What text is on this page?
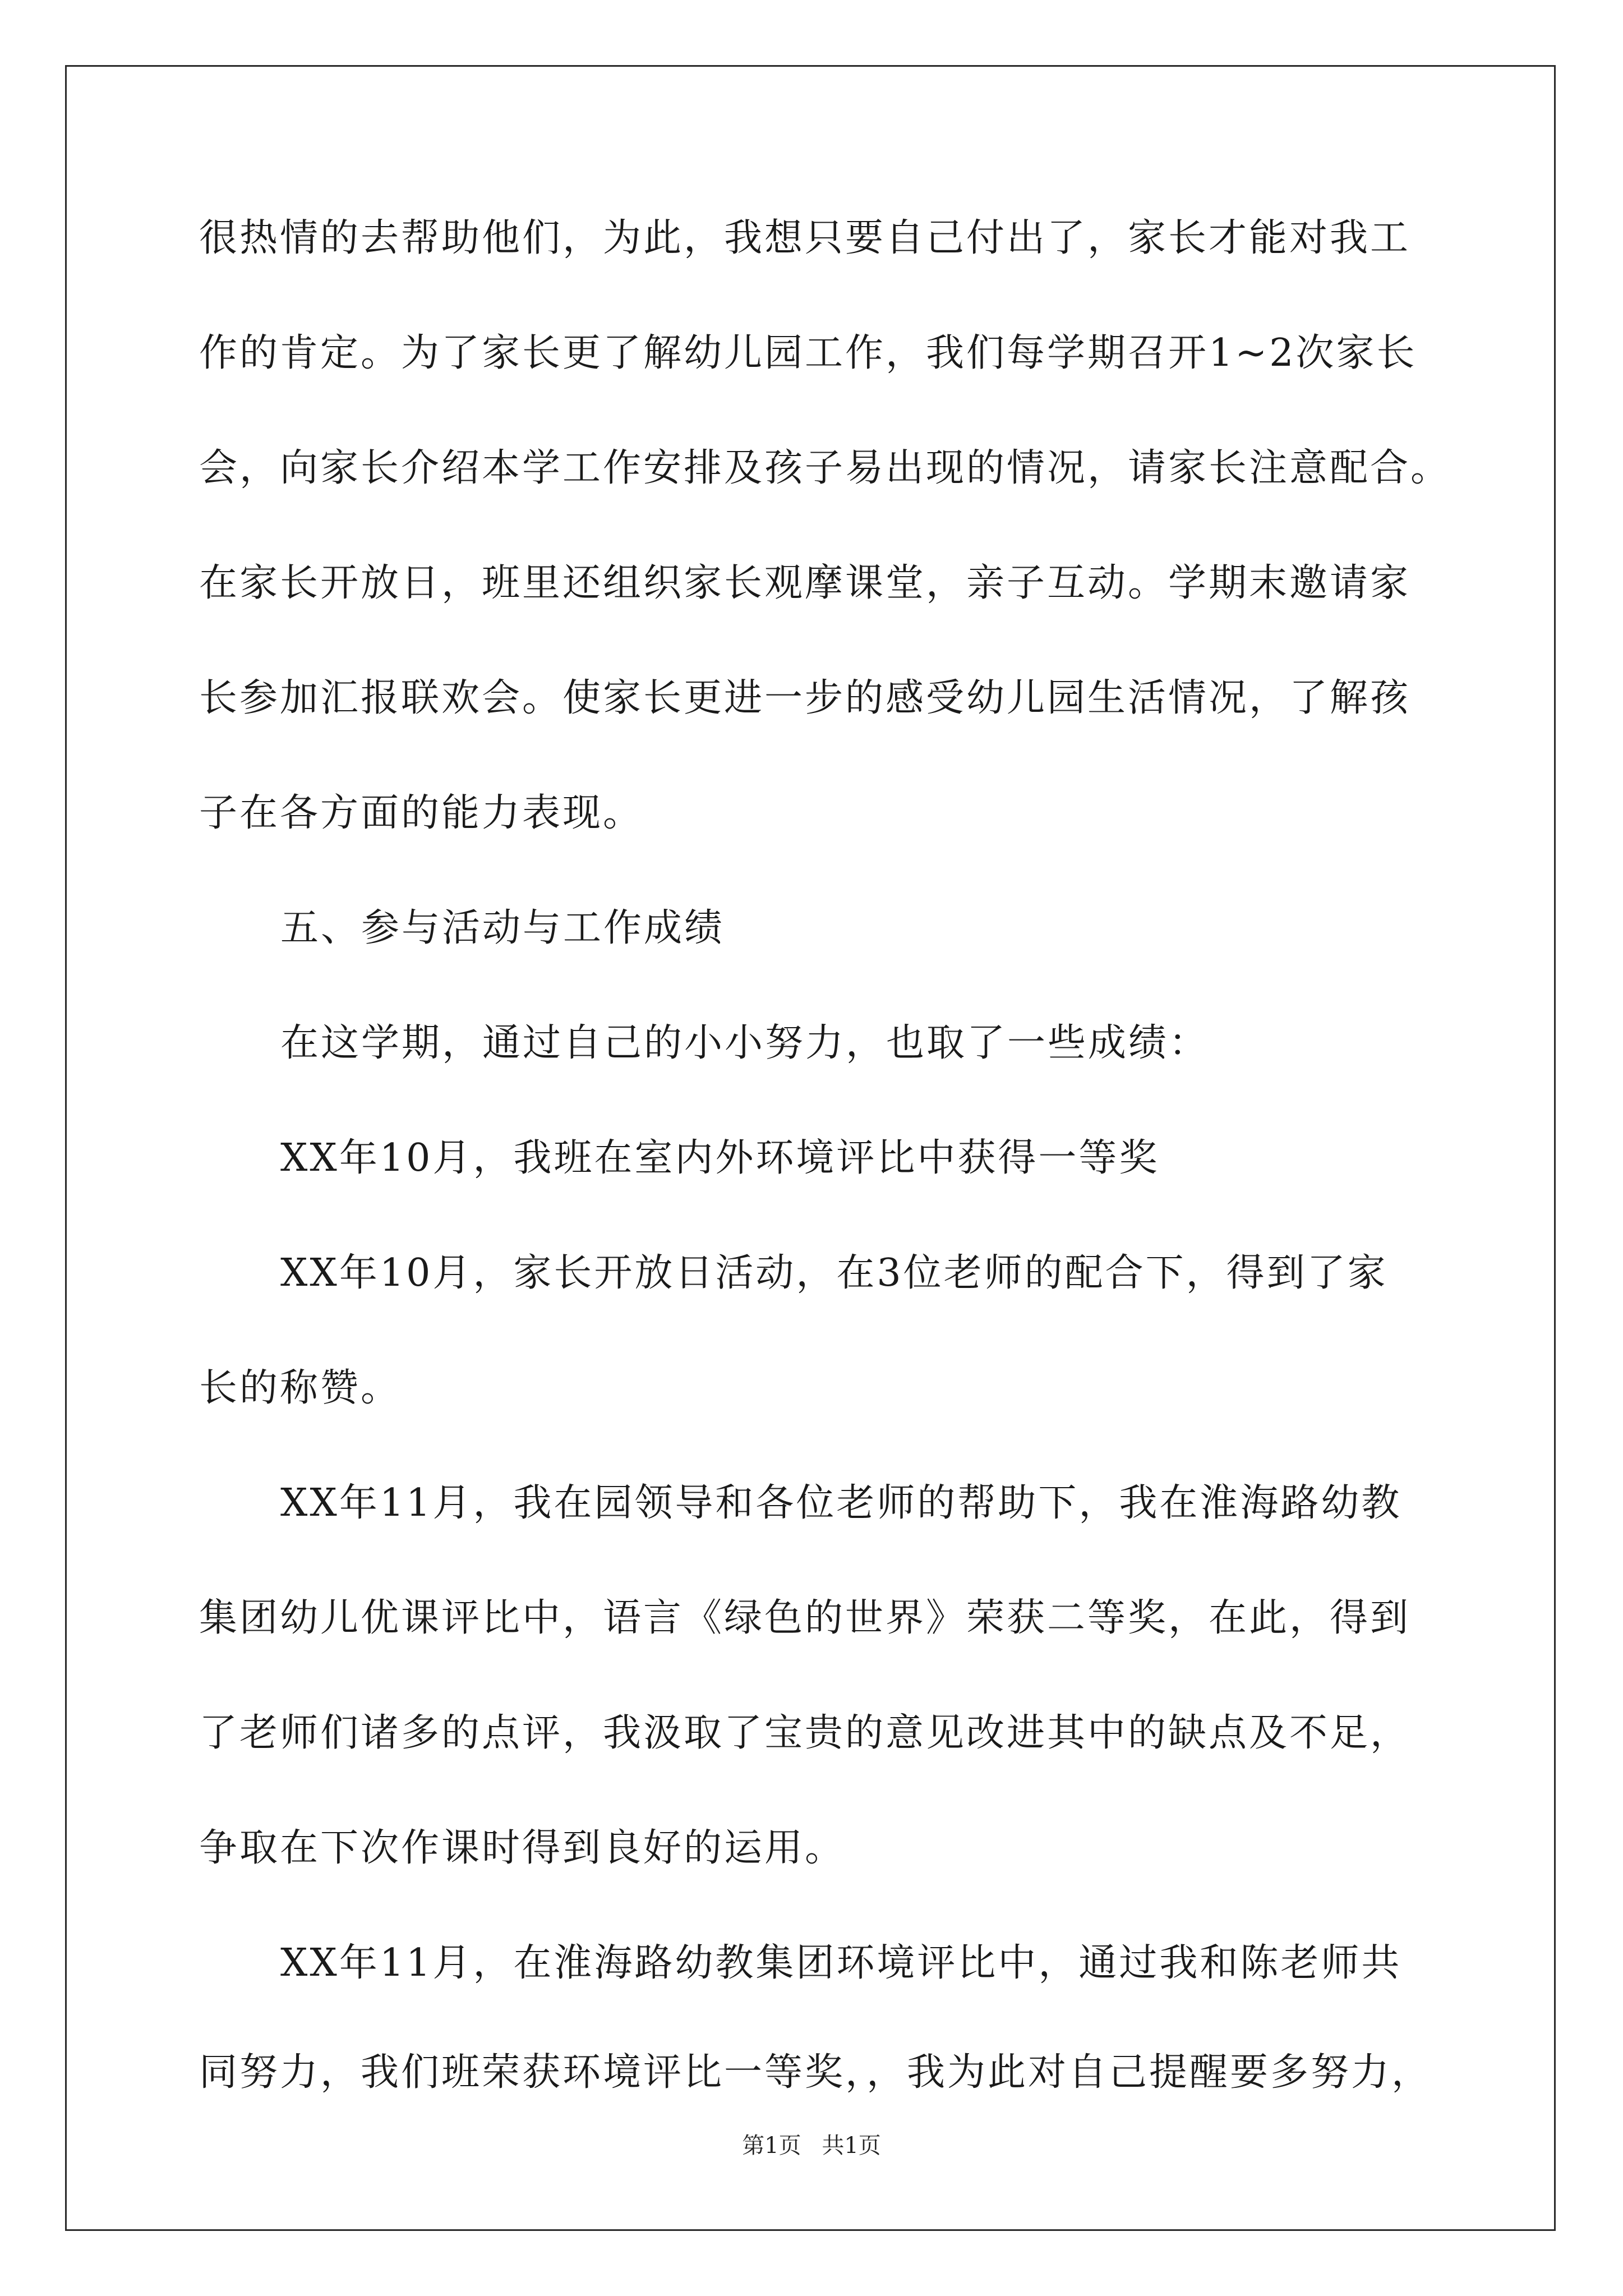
很热情的去帮助他们，为此，我想只要自己付出了，家长才能对我工
作的肯定。为了家长更了解幼儿园工作，我们每学期召开1~2次家长
会，向家长介绍本学工作安排及孩子易出现的情况，请家长注意配合。
在家长开放日，班里还组织家长观摩课堂，亲子互动。学期末邀请家
长参加汇报联欢会。使家长更进一步的感受幼儿园生活情况，了解孩
子在各方面的能力表现。
五、参与活动与工作成绩
在这学期，通过自己的小小努力，也取了一些成绩：
XX年10月，我班在室内外环境评比中获得一等奖
XX年10月，家长开放日活动，在3位老师的配合下，得到了家
长的称赞。
XX年11月，我在园领导和各位老师的帮助下，我在淮海路幼教
集团幼儿优课评比中，语言《绿色的世界》荣获二等奖，在此，得到
了老师们诸多的点评，我汲取了宝贵的意见改进其中的缺点及不足，
争取在下次作课时得到良好的运用。
XX年11月，在淮海路幼教集团环境评比中，通过我和陈老师共
同努力，我们班荣获环境评比一等奖，，我为此对自己提醒要多努力，
第1页 共1页
